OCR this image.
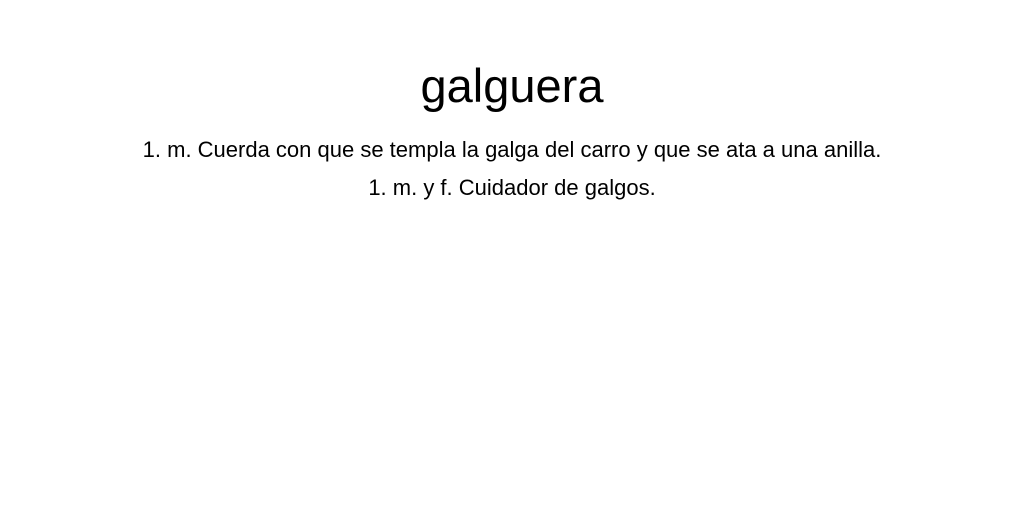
galguera
1. m. Cuerda con que se templa la galga del carro y que se ata a una anilla.
1. m. y f. Cuidador de galgos.
